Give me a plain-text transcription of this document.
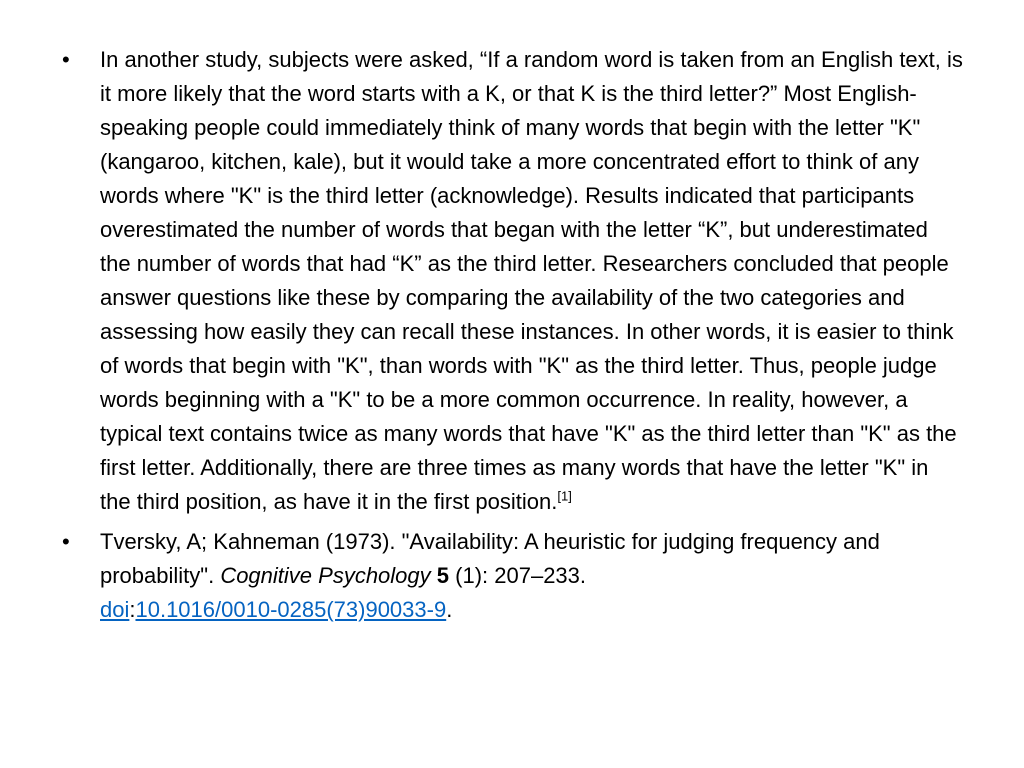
• In another study, subjects were asked, “If a random word is taken from an English text, is it more likely that the word starts with a K, or that K is the third letter?” Most English-speaking people could immediately think of many words that begin with the letter "K" (kangaroo, kitchen, kale), but it would take a more concentrated effort to think of any words where "K" is the third letter (acknowledge). Results indicated that participants overestimated the number of words that began with the letter “K”, but underestimated the number of words that had “K” as the third letter. Researchers concluded that people answer questions like these by comparing the availability of the two categories and assessing how easily they can recall these instances. In other words, it is easier to think of words that begin with "K", than words with "K" as the third letter. Thus, people judge words beginning with a "K" to be a more common occurrence. In reality, however, a typical text contains twice as many words that have "K" as the third letter than "K" as the first letter. Additionally, there are three times as many words that have the letter "K" in the third position, as have it in the first position.[1]
• Tversky, A; Kahneman (1973). "Availability: A heuristic for judging frequency and probability". Cognitive Psychology 5 (1): 207–233.
doi:10.1016/0010-0285(73)90033-9.
